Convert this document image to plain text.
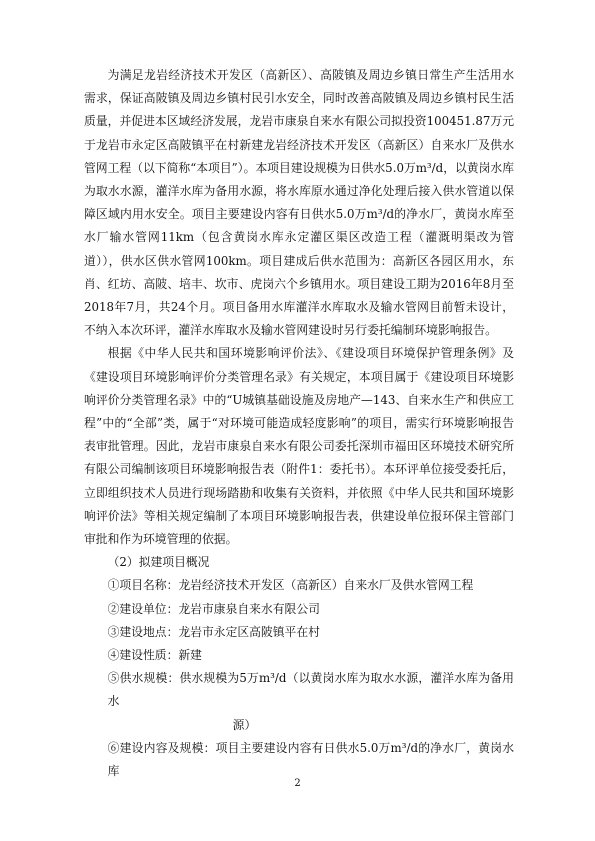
为满足龙岩经济技术开发区（高新区）、高陂镇及周边乡镇日常生产生活用水需求，保证高陂镇及周边乡镇村民引水安全，同时改善高陂镇及周边乡镇村民生活质量，并促进本区域经济发展，龙岩市康泉自来水有限公司拟投资100451.87万元于龙岩市永定区高陂镇平在村新建龙岩经济技术开发区（高新区）自来水厂及供水管网工程（以下简称“本项目”）。本项目建设规模为日供水5.0万m³/d，以黄岗水库为取水水源，灌洋水库为备用水源，将水库原水通过净化处理后接入供水管道以保障区域内用水安全。项目主要建设内容有日供水5.0万m³/d的净水厂，黄岗水库至水厂输水管网11km（包含黄岗水库永定灌区渠区改造工程（灌溉明渠改为管道）），供水区供水管网100km。项目建成后供水范围为：高新区各园区用水，东肖、红坊、高陂、培丰、坎市、虎岗六个乡镇用水。项目建设工期为2016年8月至2018年7月，共24个月。项目备用水库灌洋水库取水及输水管网目前暂未设计，不纳入本次环评，灌洋水库取水及输水管网建设时另行委托编制环境影响报告。

根据《中华人民共和国环境影响评价法》、《建设项目环境保护管理条例》及《建设项目环境影响评价分类管理名录》有关规定，本项目属于《建设项目环境影响评价分类管理名录》中的“U城镇基础设施及房地产—143、自来水生产和供应工程”中的“全部”类，属于“对环境可能造成轻度影响”的项目，需实行环境影响报告表审批管理。因此，龙岩市康泉自来水有限公司委托深圳市福田区环境技术研究所有限公司编制该项目环境影响报告表（附件1：委托书）。本环评单位接受委托后，立即组织技术人员进行现场踏勘和收集有关资料，并依照《中华人民共和国环境影响评价法》等相关规定编制了本项目环境影响报告表，供建设单位报环保主管部门审批和作为环境管理的依据。

（2）拟建项目概况

①项目名称：龙岩经济技术开发区（高新区）自来水厂及供水管网工程

②建设单位：龙岩市康泉自来水有限公司

③建设地点：龙岩市永定区高陂镇平在村

④建设性质：新建

⑤供水规模：供水规模为5万m³/d（以黄岗水库为取水水源，灌洋水库为备用水
源）

⑥建设内容及规模：项目主要建设内容有日供水5.0万m³/d的净水厂，黄岗水库

2
